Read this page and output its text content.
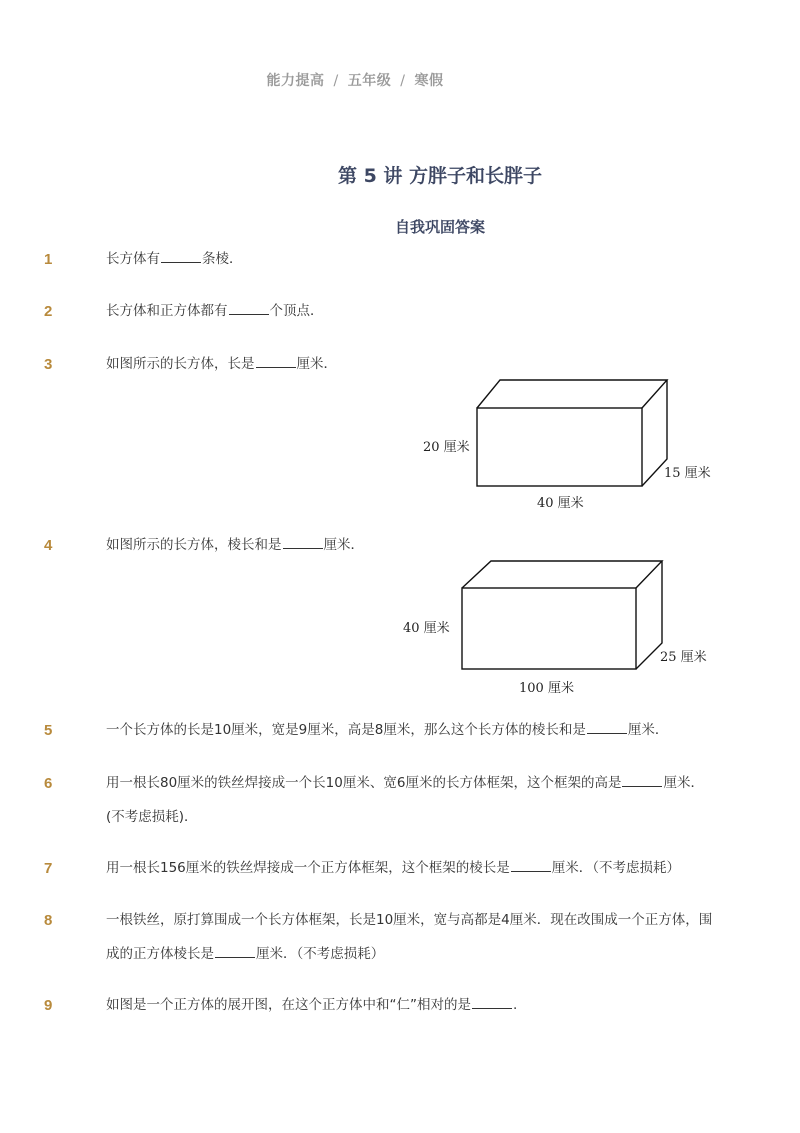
能力提高 / 五年级 / 寒假
第 5 讲 方胖子和长胖子
自我巩固答案
1	长方体有	条棱．
2	长方体和正方体都有	个顶点．
3	如图所示的长方体，长是	厘米．
20 厘米
15 厘米
40 厘米
4	如图所示的长方体，棱长和是	厘米．
40 厘米
25 厘米
100 厘米
5	一个长方体的长是10厘米，宽是9厘米，高是8厘米，那么这个长方体的棱长和是	厘米．
6	用一根长80厘米的铁丝焊接成一个长10厘米、宽6厘米的长方体框架，这个框架的高是	厘米．(不考虑损耗)．
7	用一根长156厘米的铁丝焊接成一个正方体框架，这个框架的棱长是	厘米．（不考虑损耗）
8	一根铁丝，原打算围成一个长方体框架，长是10厘米，宽与高都是4厘米．现在改围成一个正方体，围成的正方体棱长是	厘米．（不考虑损耗）
9	如图是一个正方体的展开图，在这个正方体中和“仁”相对的是	.
